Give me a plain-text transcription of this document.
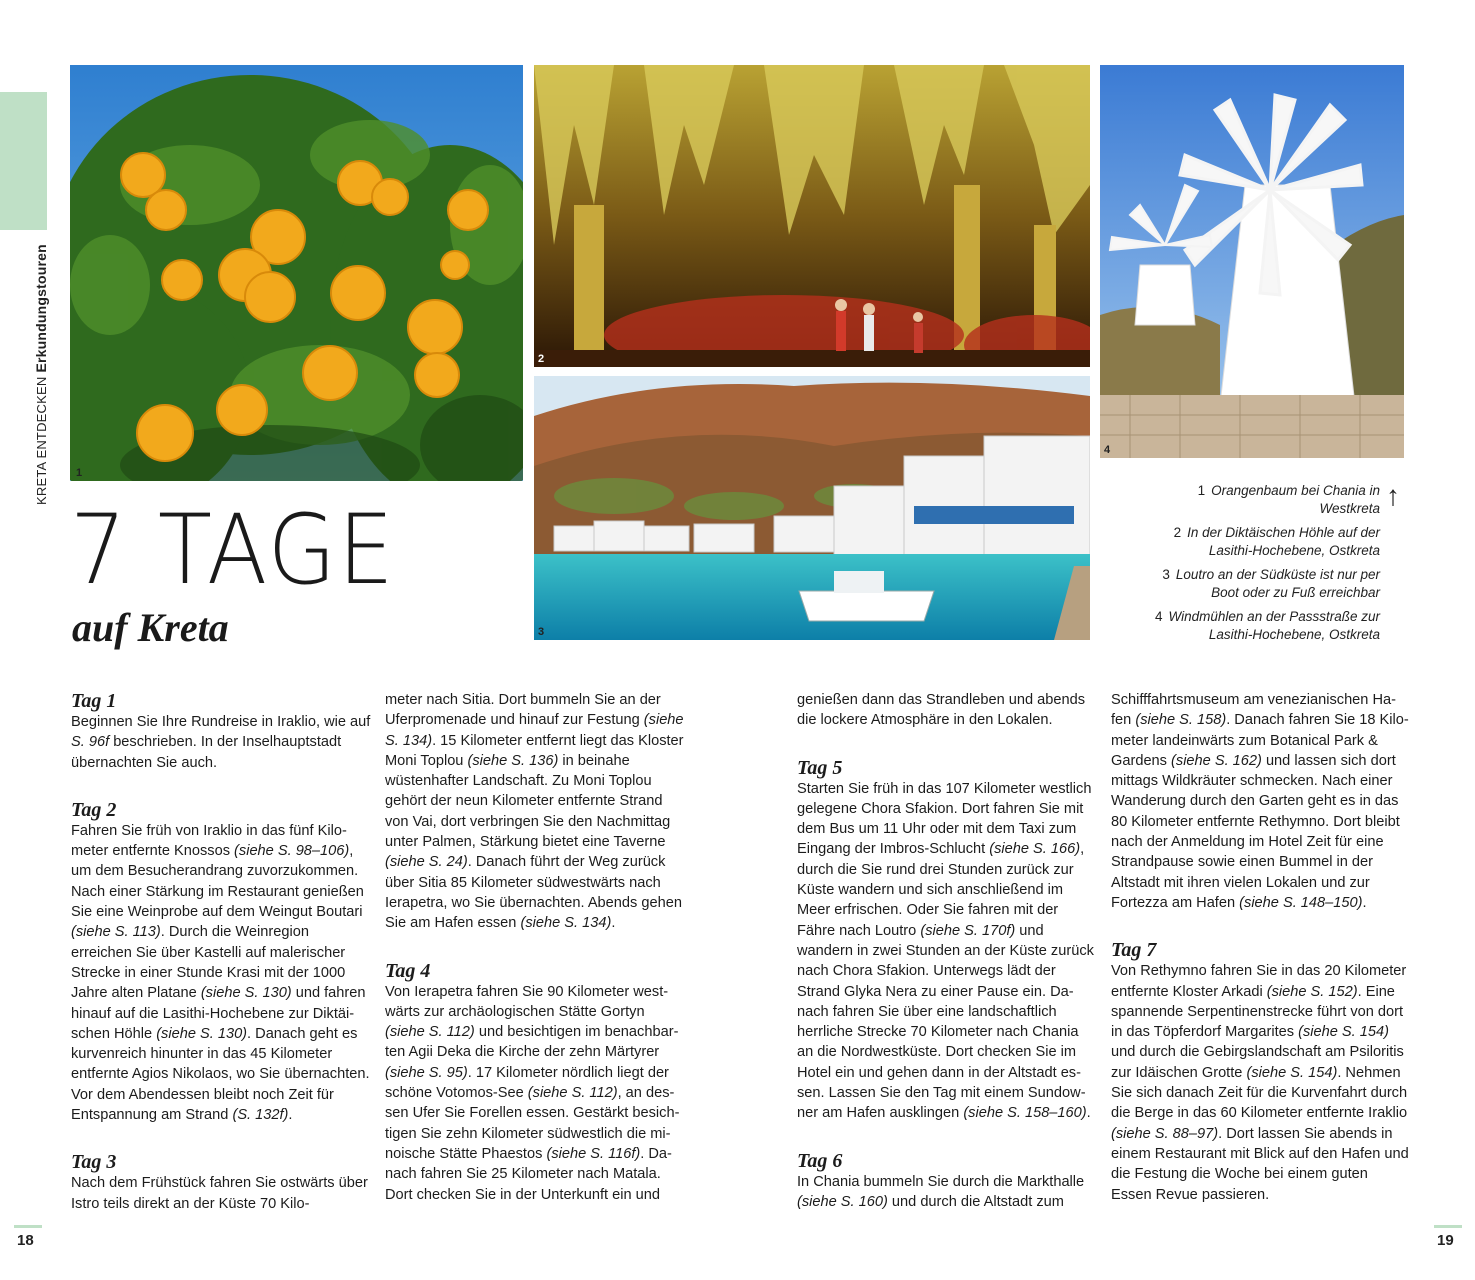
KRETA ENTDECKENErkundungstouren
1
2
3
4
7 TAGE
auf Kreta
↑
1 Orangenbaum bei Chania in Westkreta
2 In der Diktäischen Höhle auf der Lasithi-Hochebene, Ostkreta
3 Loutro an der Südküste ist nur per Boot oder zu Fuß erreichbar
4 Windmühlen an der Passstraße zur Lasithi-Hochebene, Ostkreta
Tag 1

Beginnen Sie Ihre Rundreise in Iraklio, wie auf S. 96f beschrieben. In der Inselhauptstadt übernachten Sie auch.

Tag 2

Fahren Sie früh von Iraklio in das fünf Kilometer entfernte Knossos (siehe S. 98–106), um dem Besucherandrang zuvorzukommen. Nach einer Stärkung im Restaurant genießen Sie eine Weinprobe auf dem Weingut Boutari (siehe S. 113). Durch die Weinregion erreichen Sie über Kastelli auf malerischer Strecke in einer Stunde Krasi mit der 1000 Jahre alten Platane (siehe S. 130) und fahren hinauf auf die Lasithi-Hochebene zur Diktäischen Höhle (siehe S. 130). Danach geht es kurvenreich hinunter in das 45 Kilometer entfernte Agios Nikolaos, wo Sie übernachten. Vor dem Abendessen bleibt noch Zeit für Entspannung am Strand (S. 132f).

Tag 3

Nach dem Frühstück fahren Sie ostwärts über Istro teils direkt an der Küste 70 Kilo-

meter nach Sitia. Dort bummeln Sie an der Uferpromenade und hinauf zur Festung (siehe S. 134). 15 Kilometer entfernt liegt das Kloster Moni Toplou (siehe S. 136) in beinahe wüstenhafter Landschaft. Zu Moni Toplou gehört der neun Kilometer entfernte Strand von Vai, dort verbringen Sie den Nachmittag unter Palmen, Stärkung bietet eine Taverne (siehe S. 24). Danach führt der Weg zurück über Sitia 85 Kilometer südwestwärts nach Ierapetra, wo Sie übernachten. Abends gehen Sie am Hafen essen (siehe S. 134).

Tag 4

Von Ierapetra fahren Sie 90 Kilometer westwärts zur archäologischen Stätte Gortyn (siehe S. 112) und besichtigen im benachbarten Agii Deka die Kirche der zehn Märtyrer (siehe S. 95). 17 Kilometer nördlich liegt der schöne Votomos-See (siehe S. 112), an dessen Ufer Sie Forellen essen. Gestärkt besichtigen Sie zehn Kilometer südwestlich die minoische Stätte Phaestos (siehe S. 116f). Danach fahren Sie 25 Kilometer nach Matala. Dort checken Sie in der Unterkunft ein und

genießen dann das Strandleben und abends die lockere Atmosphäre in den Lokalen.

Tag 5

Starten Sie früh in das 107 Kilometer westlich gelegene Chora Sfakion. Dort fahren Sie mit dem Bus um 11 Uhr oder mit dem Taxi zum Eingang der Imbros-Schlucht (siehe S. 166), durch die Sie rund drei Stunden zurück zur Küste wandern und sich anschließend im Meer erfrischen. Oder Sie fahren mit der Fähre nach Loutro (siehe S. 170f) und wandern in zwei Stunden an der Küste zurück nach Chora Sfakion. Unterwegs lädt der Strand Glyka Nera zu einer Pause ein. Danach fahren Sie über eine landschaftlich herrliche Strecke 70 Kilometer nach Chania an die Nordwestküste. Dort checken Sie im Hotel ein und gehen dann in der Altstadt essen. Lassen Sie den Tag mit einem Sundowner am Hafen ausklingen (siehe S. 158–160).

Tag 6

In Chania bummeln Sie durch die Markthalle (siehe S. 160) und durch die Altstadt zum

Schifffahrtsmuseum am venezianischen Hafen (siehe S. 158). Danach fahren Sie 18 Kilometer landeinwärts zum Botanical Park & Gardens (siehe S. 162) und lassen sich dort mittags Wildkräuter schmecken. Nach einer Wanderung durch den Garten geht es in das 80 Kilometer entfernte Rethymno. Dort bleibt nach der Anmeldung im Hotel Zeit für eine Strandpause sowie einen Bummel in der Altstadt mit ihren vielen Lokalen und zur Fortezza am Hafen (siehe S. 148–150).

Tag 7

Von Rethymno fahren Sie in das 20 Kilometer entfernte Kloster Arkadi (siehe S. 152). Eine spannende Serpentinenstrecke führt von dort in das Töpferdorf Margarites (siehe S. 154) und durch die Gebirgslandschaft am Psiloritis zur Idäischen Grotte (siehe S. 154). Nehmen Sie sich danach Zeit für die Kurvenfahrt durch die Berge in das 60 Kilometer entfernte Iraklio (siehe S. 88–97). Dort lassen Sie abends in einem Restaurant mit Blick auf den Hafen und die Festung die Woche bei einem guten Essen Revue passieren.

18	19
